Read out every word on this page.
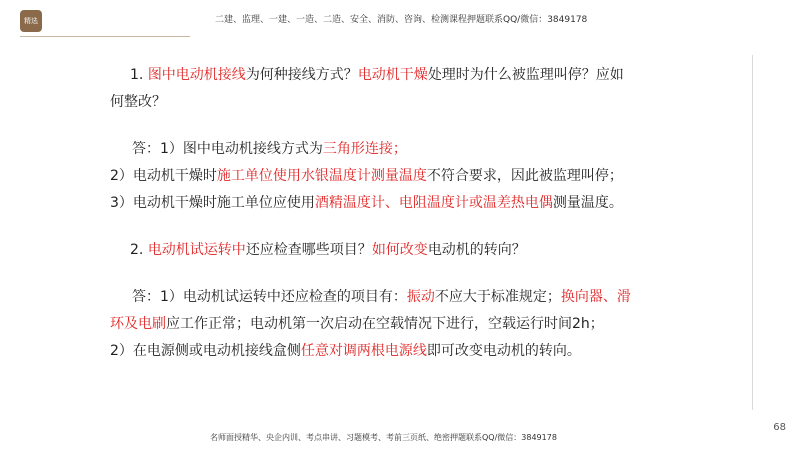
精选	二建、监理、一建、一造、二造、安全、消防、咨询、检测课程押题联系QQ/微信：3849178

1. 图中电动机接线为何种接线方式？电动机干燥处理时为什么被监理叫停？应如

何整改？

答：1）图中电动机接线方式为三角形连接；

2）电动机干燥时施工单位使用水银温度计测量温度不符合要求，因此被监理叫停；

3）电动机干燥时施工单位应使用酒精温度计、电阻温度计或温差热电偶测量温度。

2. 电动机试运转中还应检查哪些项目？如何改变电动机的转向？

答：1）电动机试运转中还应检查的项目有：振动不应大于标准规定；换向器、滑

环及电刷应工作正常；电动机第一次启动在空载情况下进行，空载运行时间2h；

2）在电源侧或电动机接线盒侧任意对调两根电源线即可改变电动机的转向。

68
名师面授精华、央企内训、考点串讲、习题模考、考前三页纸、绝密押题联系QQ/微信：3849178
